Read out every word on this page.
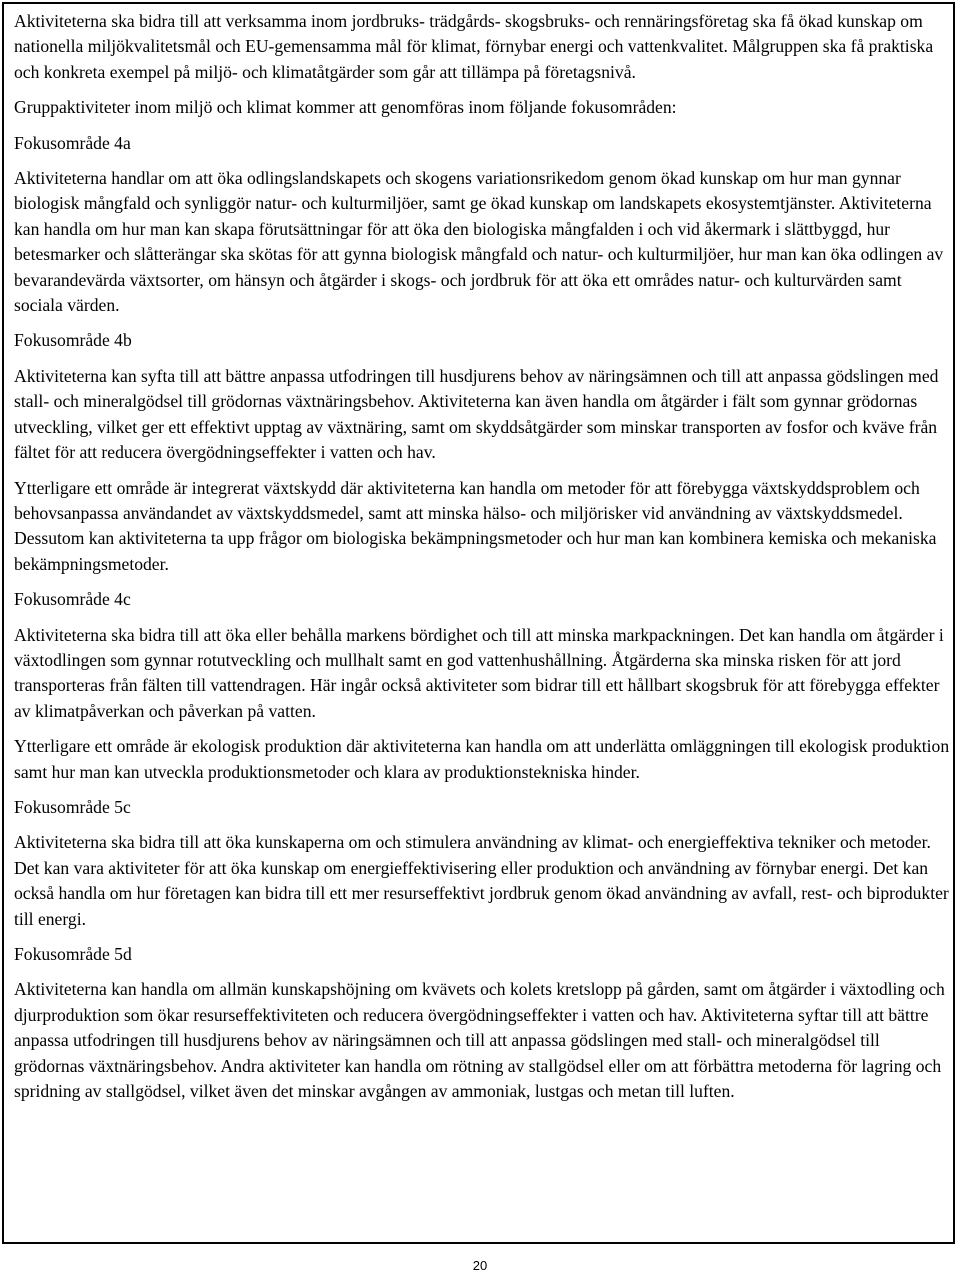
Aktiviteterna ska bidra till att verksamma inom jordbruks- trädgårds- skogsbruks- och rennäringsföretag ska få ökad kunskap om nationella miljökvalitetsmål och EU-gemensamma mål för klimat, förnybar energi och vattenkvalitet. Målgruppen ska få praktiska och konkreta exempel på miljö- och klimatåtgärder som går att tillämpa på företagsnivå.

Gruppaktiviteter inom miljö och klimat kommer att genomföras inom följande fokusområden:

Fokusområde 4a

Aktiviteterna handlar om att öka odlingslandskapets och skogens variationsrikedom genom ökad kunskap om hur man gynnar biologisk mångfald och synliggör natur- och kulturmiljöer, samt ge ökad kunskap om landskapets ekosystemtjänster. Aktiviteterna kan handla om hur man kan skapa förutsättningar för att öka den biologiska mångfalden i och vid åkermark i slättbyggd, hur betesmarker och slåtterängar ska skötas för att gynna biologisk mångfald och natur- och kulturmiljöer, hur man kan öka odlingen av bevarandevärda växtsorter, om hänsyn och åtgärder i skogs- och jordbruk för att öka ett områdes natur- och kulturvärden samt sociala värden.

Fokusområde 4b

Aktiviteterna kan syfta till att bättre anpassa utfodringen till husdjurens behov av näringsämnen och till att anpassa gödslingen med stall- och mineralgödsel till grödornas växtnäringsbehov. Aktiviteterna kan även handla om åtgärder i fält som gynnar grödornas utveckling, vilket ger ett effektivt upptag av växtnäring, samt om skyddsåtgärder som minskar transporten av fosfor och kväve från fältet för att reducera övergödningseffekter i vatten och hav.

Ytterligare ett område är integrerat växtskydd där aktiviteterna kan handla om metoder för att förebygga växtskyddsproblem och behovsanpassa användandet av växtskyddsmedel, samt att minska hälso- och miljörisker vid användning av växtskyddsmedel. Dessutom kan aktiviteterna ta upp frågor om biologiska bekämpningsmetoder och hur man kan kombinera kemiska och mekaniska bekämpningsmetoder.

Fokusområde 4c

Aktiviteterna ska bidra till att öka eller behålla markens bördighet och till att minska markpackningen. Det kan handla om åtgärder i växtodlingen som gynnar rotutveckling och mullhalt samt en god vattenhushållning. Åtgärderna ska minska risken för att jord transporteras från fälten till vattendragen. Här ingår också aktiviteter som bidrar till ett hållbart skogsbruk för att förebygga effekter av klimatpåverkan och påverkan på vatten.

Ytterligare ett område är ekologisk produktion där aktiviteterna kan handla om att underlätta omläggningen till ekologisk produktion samt hur man kan utveckla produktionsmetoder och klara av produktionstekniska hinder.

Fokusområde 5c

Aktiviteterna ska bidra till att öka kunskaperna om och stimulera användning av klimat- och energieffektiva tekniker och metoder. Det kan vara aktiviteter för att öka kunskap om energieffektivisering eller produktion och användning av förnybar energi. Det kan också handla om hur företagen kan bidra till ett mer resurseffektivt jordbruk genom ökad användning av avfall, rest- och biprodukter till energi.

Fokusområde 5d

Aktiviteterna kan handla om allmän kunskapshöjning om kvävets och kolets kretslopp på gården, samt om åtgärder i växtodling och djurproduktion som ökar resurseffektiviteten och reducera övergödningseffekter i vatten och hav. Aktiviteterna syftar till att bättre anpassa utfodringen till husdjurens behov av näringsämnen och till att anpassa gödslingen med stall- och mineralgödsel till grödornas växtnäringsbehov. Andra aktiviteter kan handla om rötning av stallgödsel eller om att förbättra metoderna för lagring och spridning av stallgödsel, vilket även det minskar avgången av ammoniak, lustgas och metan till luften.

20
